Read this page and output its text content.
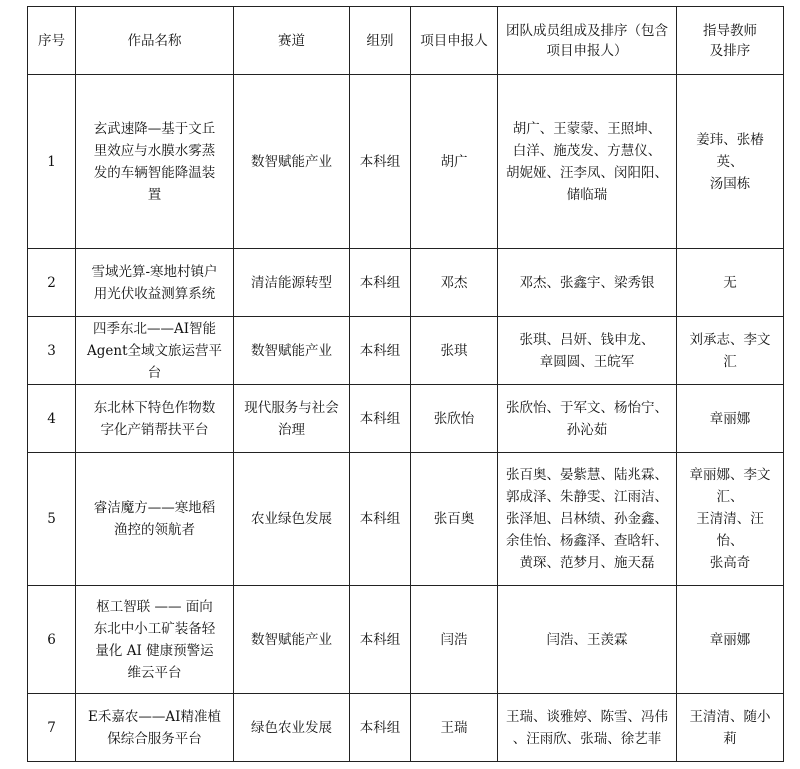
序号	作品名称	赛道	组别	项目申报人	团队成员组成及排序（包含
项目申报人）	指导教师
及排序

1	玄武速降—基于文丘
里效应与水膜水雾蒸
发的车辆智能降温装
置	数智赋能产业	本科组	胡广	胡广、王蒙蒙、王照坤、
白洋、施茂发、方慧仪、
胡妮娅、汪李凤、闵阳阳、
储临瑞	姜玮、张椿英、
汤国栋

2	雪域光算-寒地村镇户
用光伏收益测算系统	清洁能源转型	本科组	邓杰	邓杰、张鑫宇、梁秀银	无

3	四季东北——AI智能
Agent全域文旅运营平
台	数智赋能产业	本科组	张琪	张琪、吕妍、钱申龙、
章圆圆、王皖军	刘承志、李文汇

4	东北林下特色作物数
字化产销帮扶平台	现代服务与社会
治理	本科组	张欣怡	张欣怡、于军文、杨怡宁、
孙沁茹	章丽娜

5	睿洁魔方——寒地稻
渔控的领航者	农业绿色发展	本科组	张百奥	张百奥、晏紫慧、陆兆霖、
郭成泽、朱静雯、江雨洁、
张泽旭、吕林绩、孙金鑫、
余佳怡、杨鑫泽、查晗轩、
黄琛、范梦月、施天磊	章丽娜、李文汇、
王清清、汪怡、
张高奇

6	枢工智联 —— 面向
东北中小工矿装备轻
量化 AI 健康预警运
维云平台	数智赋能产业	本科组	闫浩	闫浩、王羡霖	章丽娜

7	E禾嘉农——AI精准植
保综合服务平台	绿色农业发展	本科组	王瑞	王瑞、谈雅婷、陈雪、冯伟
、汪雨欣、张瑞、徐艺菲	王清清、随小莉
